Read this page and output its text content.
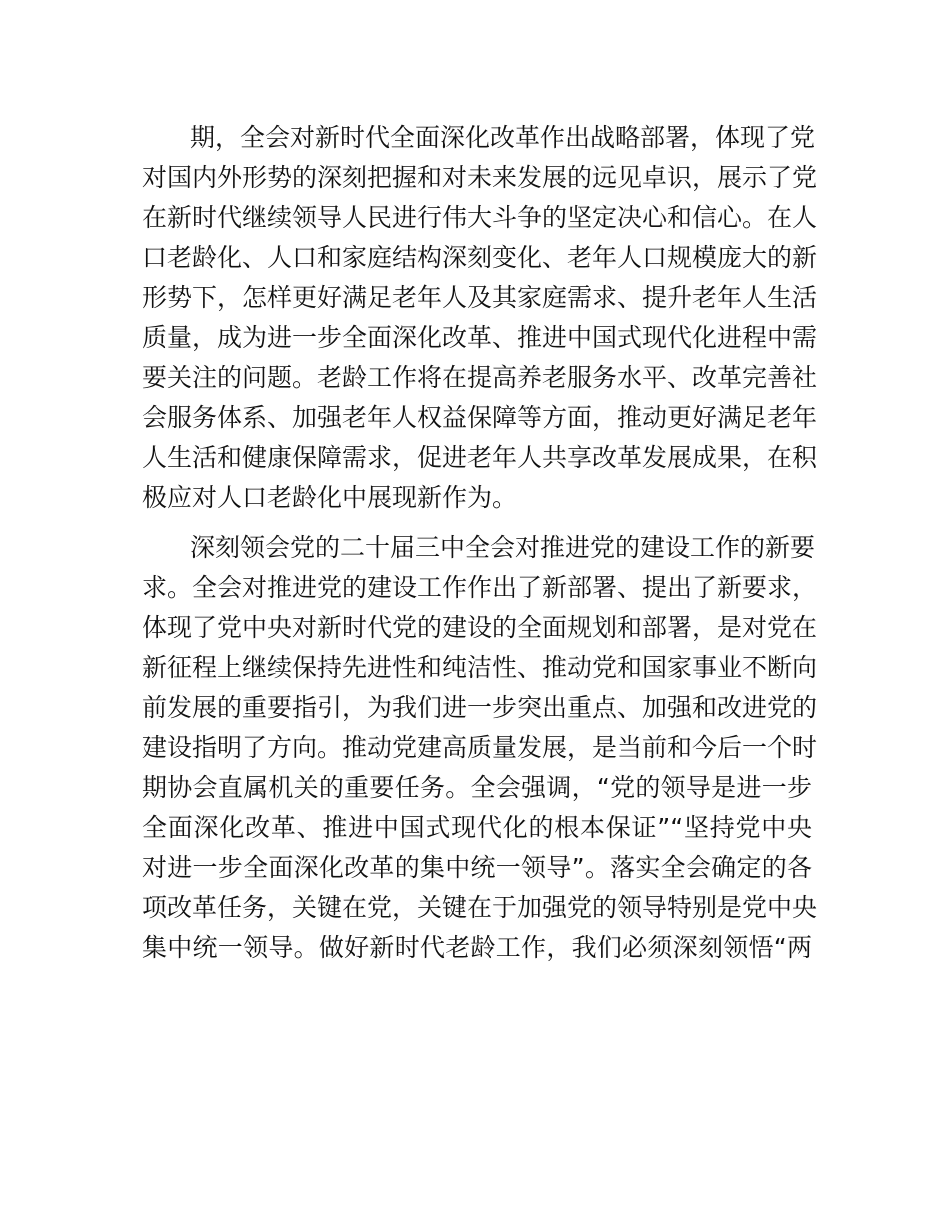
期，全会对新时代全面深化改革作出战略部署，体现了党
对国内外形势的深刻把握和对未来发展的远见卓识，展示了党
在新时代继续领导人民进行伟大斗争的坚定决心和信心。在人
口老龄化、人口和家庭结构深刻变化、老年人口规模庞大的新
形势下，怎样更好满足老年人及其家庭需求、提升老年人生活
质量，成为进一步全面深化改革、推进中国式现代化进程中需
要关注的问题。老龄工作将在提高养老服务水平、改革完善社
会服务体系、加强老年人权益保障等方面，推动更好满足老年
人生活和健康保障需求，促进老年人共享改革发展成果，在积
极应对人口老龄化中展现新作为。
深刻领会党的二十届三中全会对推进党的建设工作的新要
求。全会对推进党的建设工作作出了新部署、提出了新要求，
体现了党中央对新时代党的建设的全面规划和部署，是对党在
新征程上继续保持先进性和纯洁性、推动党和国家事业不断向
前发展的重要指引，为我们进一步突出重点、加强和改进党的
建设指明了方向。推动党建高质量发展，是当前和今后一个时
期协会直属机关的重要任务。全会强调，“党的领导是进一步
全面深化改革、推进中国式现代化的根本保证”“坚持党中央
对进一步全面深化改革的集中统一领导”。落实全会确定的各
项改革任务，关键在党，关键在于加强党的领导特别是党中央
集中统一领导。做好新时代老龄工作，我们必须深刻领悟“两
